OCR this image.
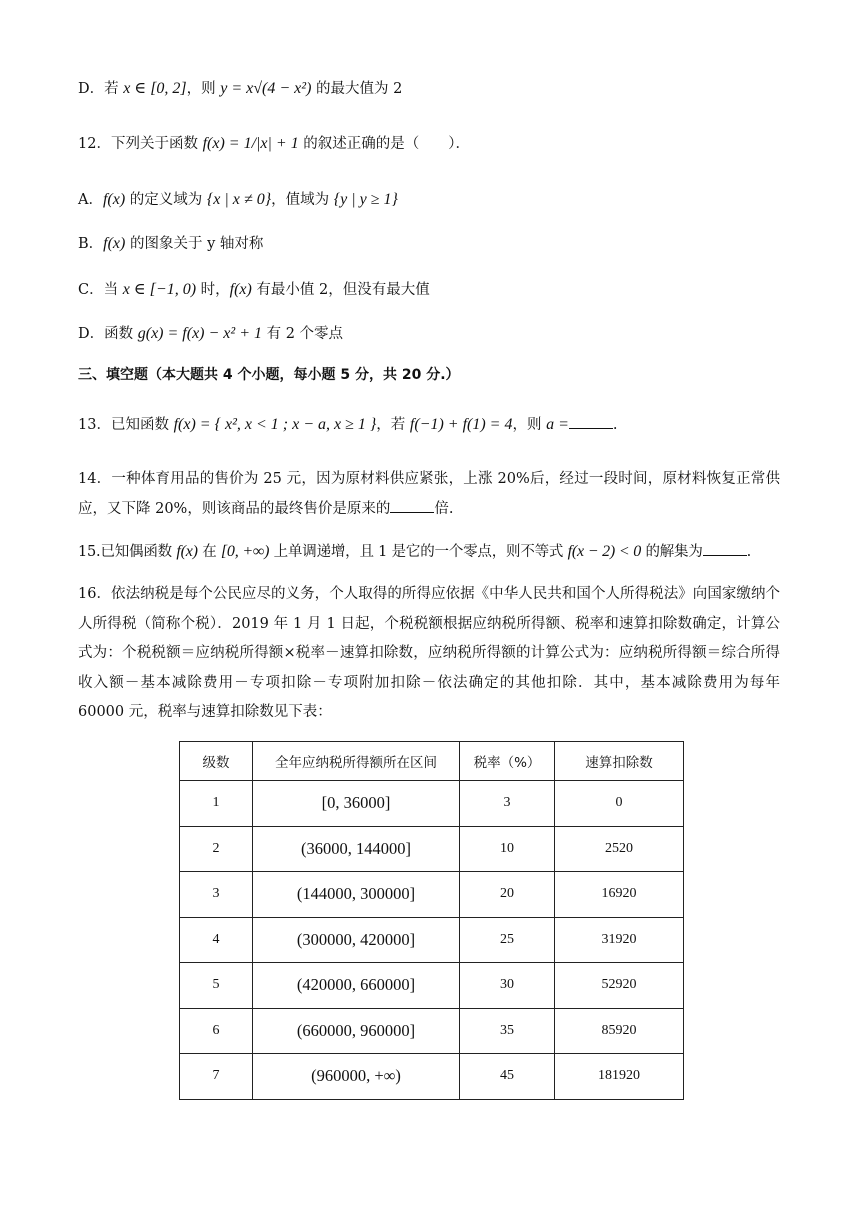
D．若 x ∈ [0, 2]，则 y = x√(4 − x²) 的最大值为 2
12．下列关于函数 f(x) = 1/|x| + 1 的叙述正确的是（　　）．
A．f(x) 的定义域为 {x | x ≠ 0}，值域为 {y | y ≥ 1}
B．f(x) 的图象关于 y 轴对称
C．当 x ∈ [−1, 0) 时，f(x) 有最小值 2，但没有最大值
D．函数 g(x) = f(x) − x² + 1 有 2 个零点
三、填空题（本大题共 4 个小题，每小题 5 分，共 20 分.）
13．已知函数 f(x) = { x², x < 1 ; x − a, x ≥ 1 }，若 f(−1) + f(1) = 4，则 a =	.
14．一种体育用品的售价为 25 元，因为原材料供应紧张，上涨 20%后，经过一段时间，原材料恢复正常供应，又下降 20%，则该商品的最终售价是原来的	倍.
15.已知偶函数 f(x) 在 [0, +∞) 上单调递增，且 1 是它的一个零点，则不等式 f(x − 2) < 0 的解集为	.
16．依法纳税是每个公民应尽的义务，个人取得的所得应依据《中华人民共和国个人所得税法》向国家缴纳个人所得税（简称个税）．2019 年 1 月 1 日起，个税税额根据应纳税所得额、税率和速算扣除数确定，计算公式为：个税税额＝应纳税所得额×税率－速算扣除数，应纳税所得额的计算公式为：应纳税所得额＝综合所得收入额－基本减除费用－专项扣除－专项附加扣除－依法确定的其他扣除．其中，基本减除费用为每年 60000 元，税率与速算扣除数见下表：
级数	全年应纳税所得额所在区间	税率（%）	速算扣除数
1	[0, 36000]	3	0
2	(36000, 144000]	10	2520
3	(144000, 300000]	20	16920
4	(300000, 420000]	25	31920
5	(420000, 660000]	30	52920
6	(660000, 960000]	35	85920
7	(960000, +∞)	45	181920
